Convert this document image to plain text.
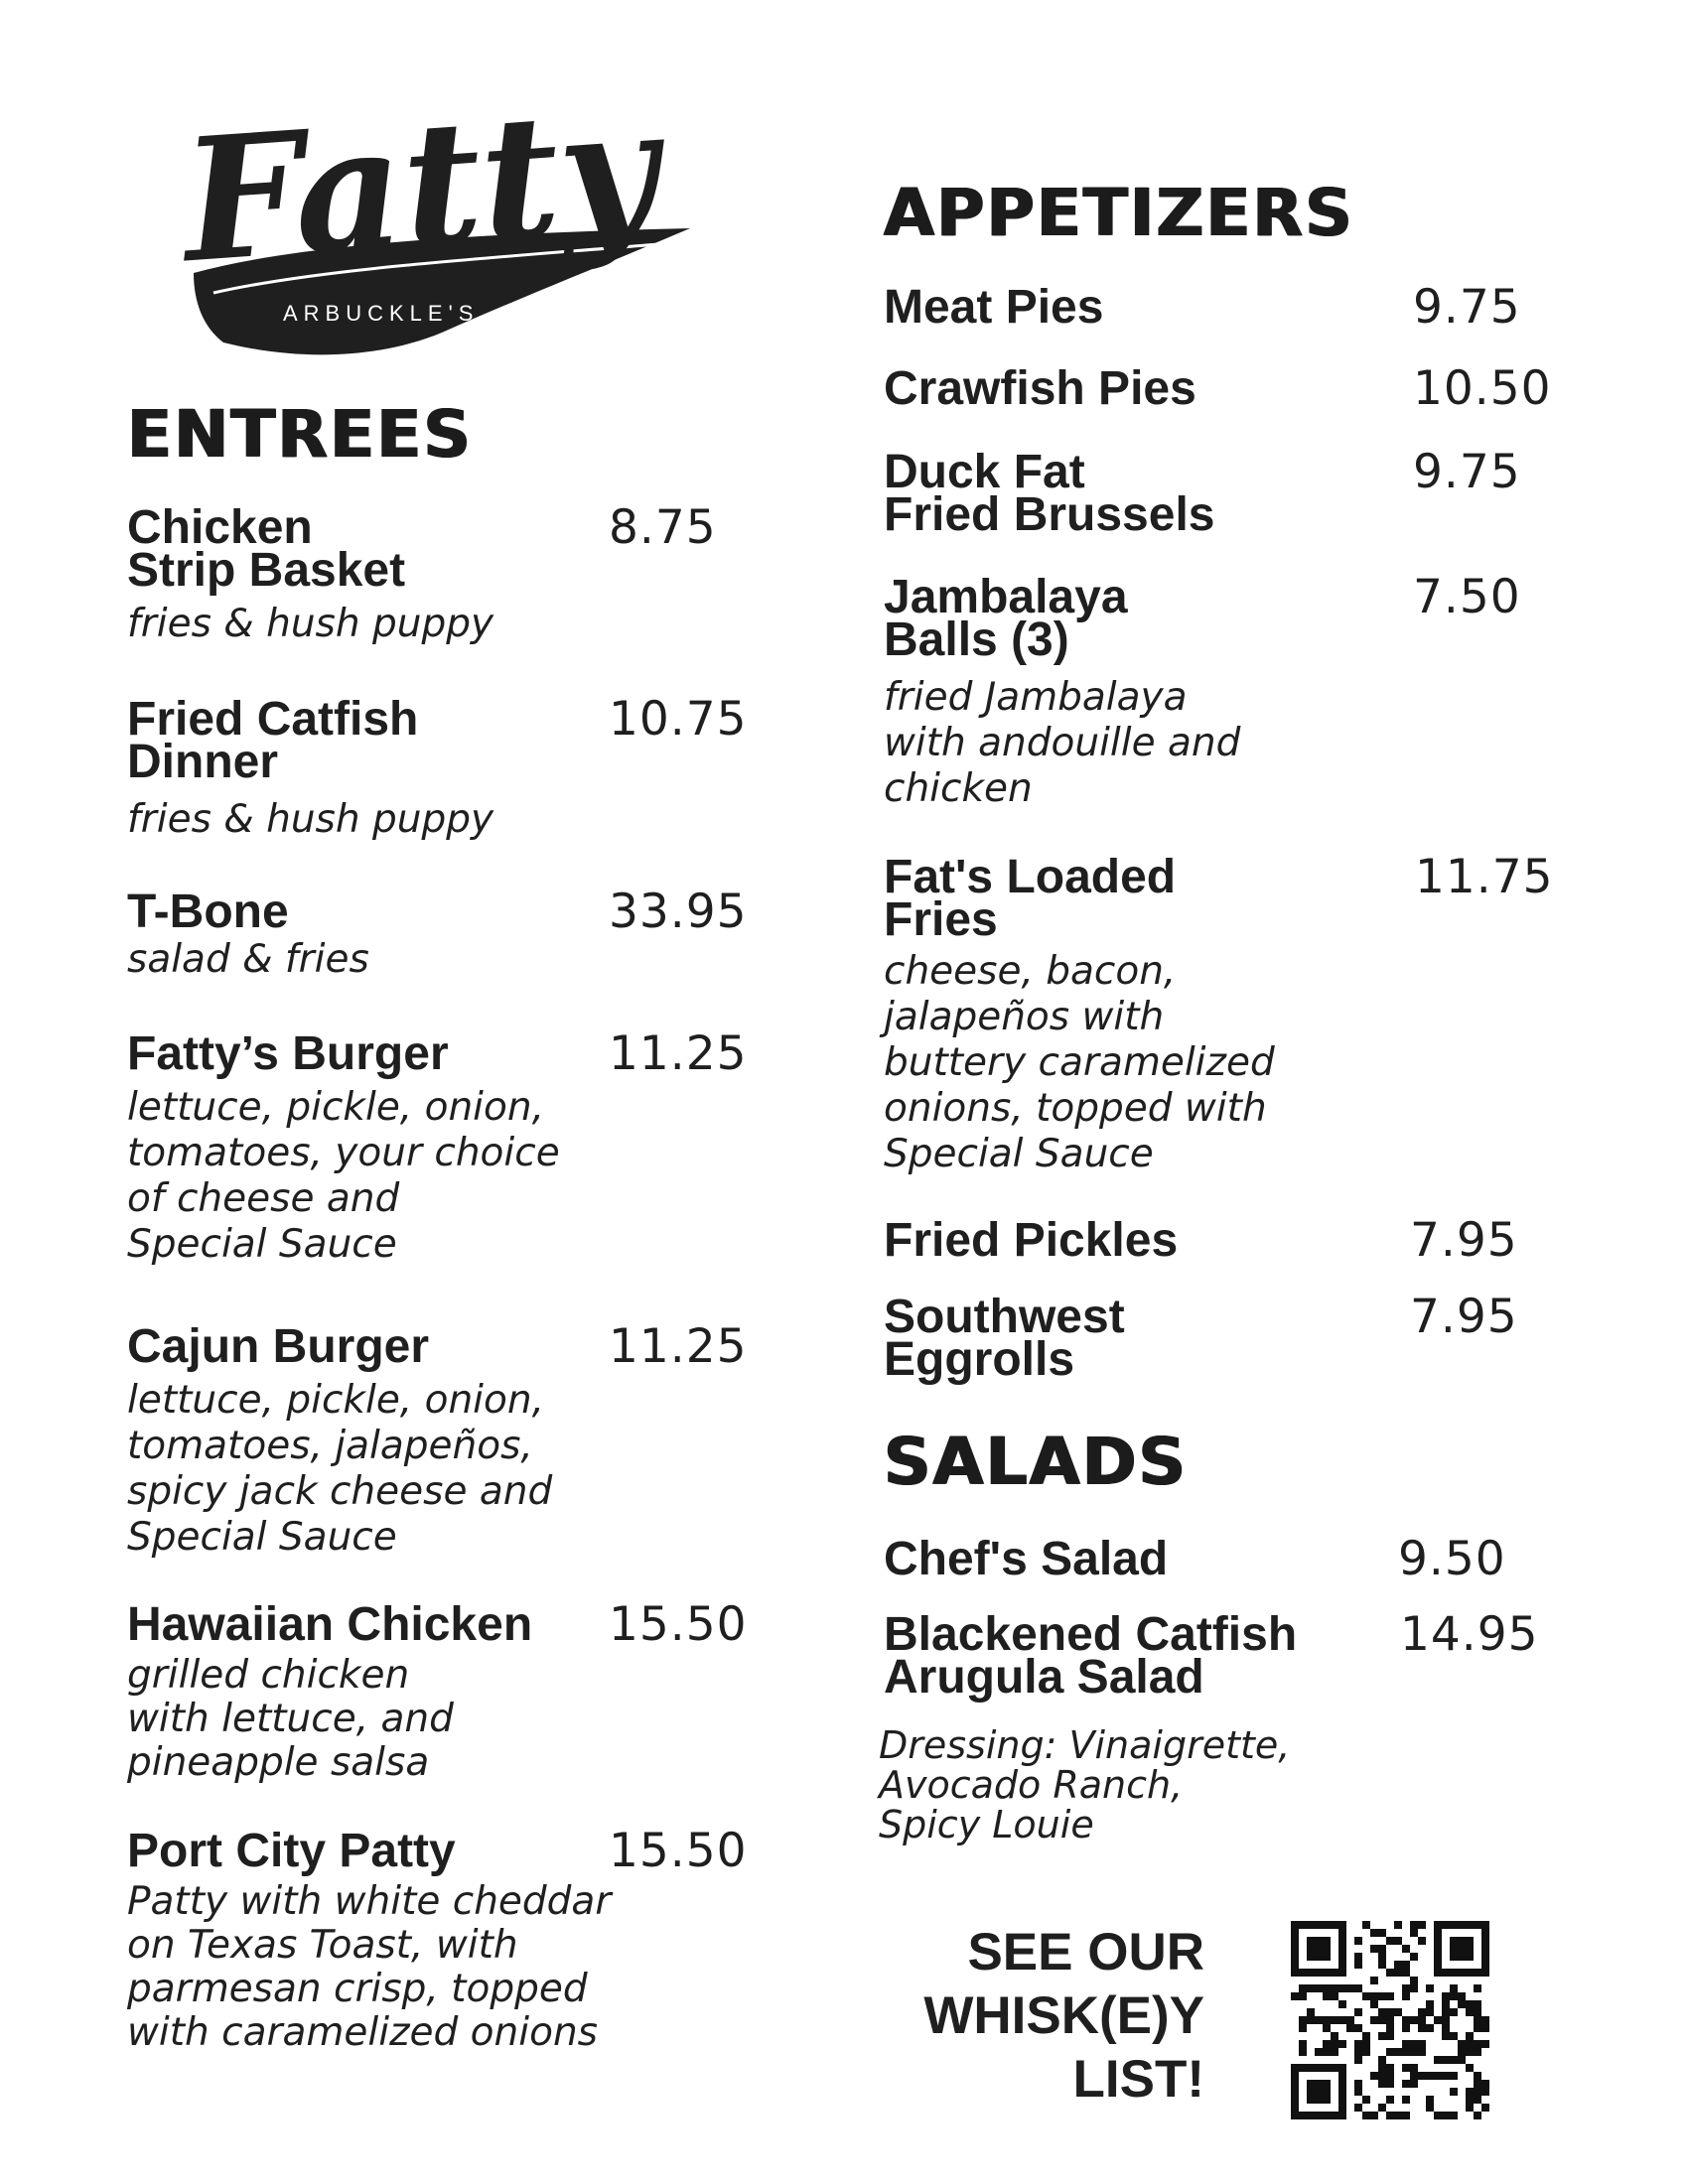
Fatty
ARBUCKLE'S
ENTREES
Chicken
Strip Basket
8.75
fries & hush puppy
Fried Catfish
Dinner
10.75
fries & hush puppy
T-Bone	33.95
salad & fries
Fatty’s Burger	11.25
lettuce, pickle, onion,
tomatoes, your choice
of cheese and
Special Sauce
Cajun Burger	11.25
lettuce, pickle, onion,
tomatoes, jalapeños,
spicy jack cheese and
Special Sauce
Hawaiian Chicken	15.50
grilled chicken
with lettuce, and
pineapple salsa
Port City Patty	15.50
Patty with white cheddar
on Texas Toast, with
parmesan crisp, topped
with caramelized onions
APPETIZERS
Meat Pies	9.75
Crawfish Pies	10.50
Duck Fat
Fried Brussels
9.75
Jambalaya
Balls (3)
7.50
fried Jambalaya
with andouille and
chicken
Fat's Loaded
Fries
11.75
cheese, bacon,
jalapeños with
buttery caramelized
onions, topped with
Special Sauce
Fried Pickles	7.95
Southwest
Eggrolls
7.95
SALADS
Chef's Salad	9.50
Blackened Catfish
Arugula Salad
14.95
Dressing: Vinaigrette,
Avocado Ranch,
Spicy Louie
SEE OUR
WHISK(E)Y
LIST!
